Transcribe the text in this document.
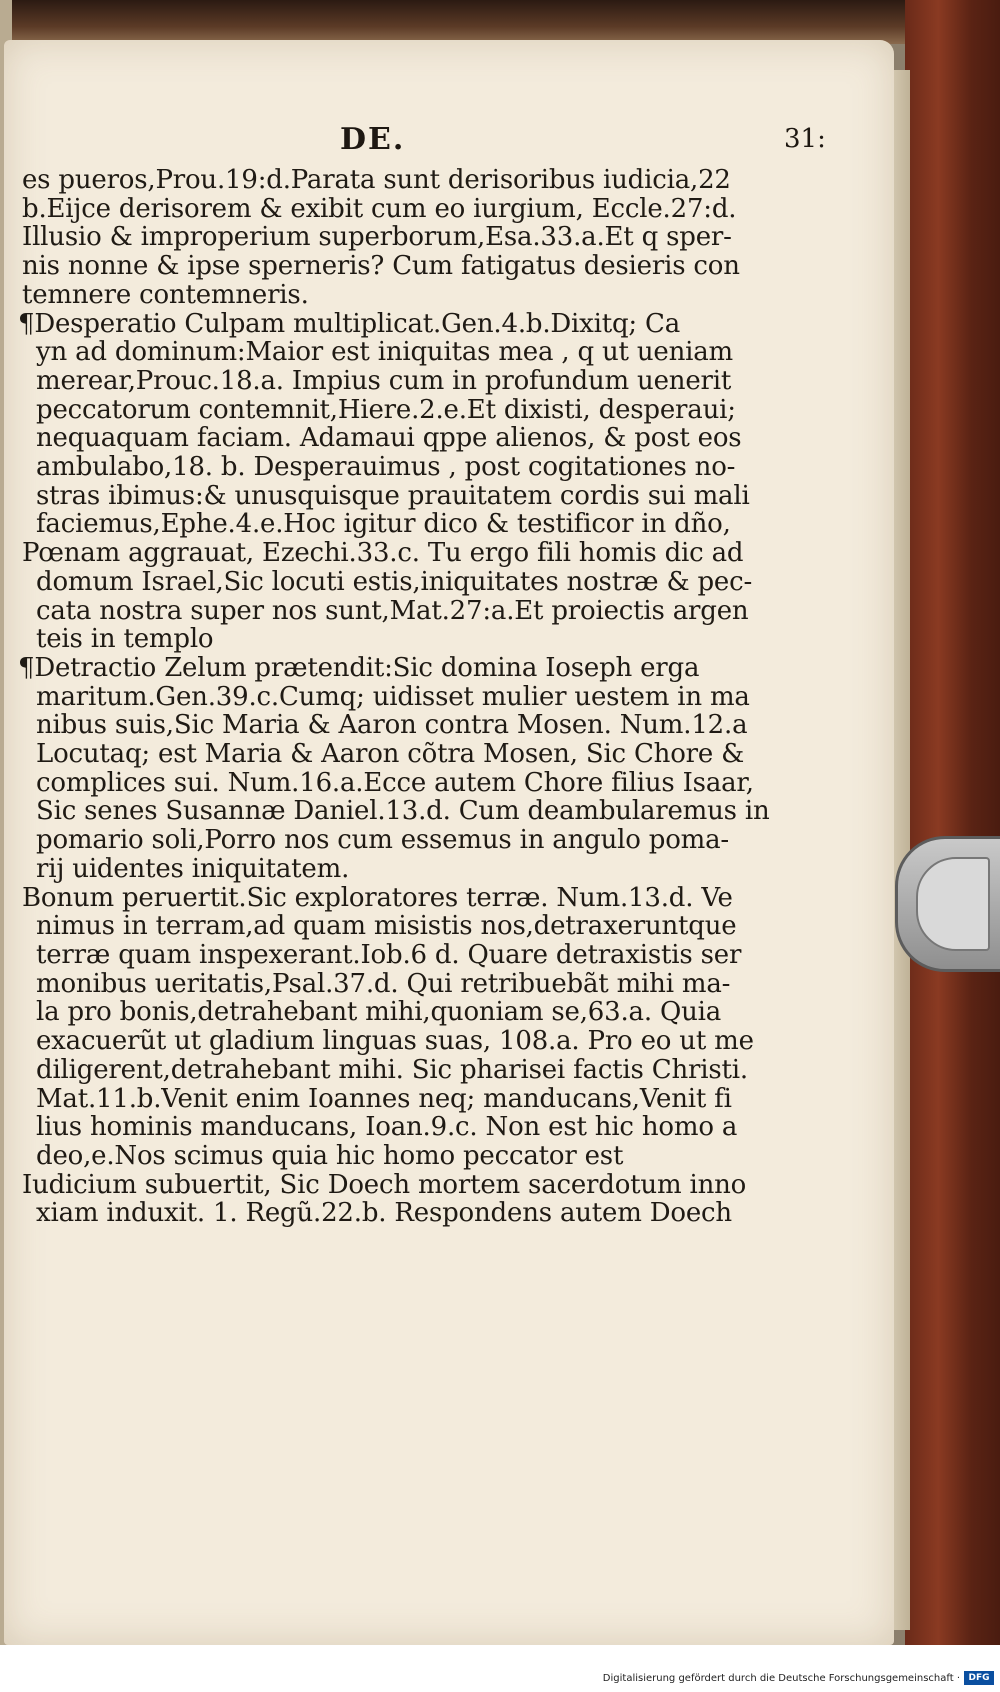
DE.	31:
es pueros,Prou.19:d.Parata sunt derisoribus iudicia,22
b.Eijce derisorem & exibit cum eo iurgium, Eccle.27:d.
Illusio & improperium superborum,Esa.33.a.Et q sper-
nis nonne & ipse sperneris? Cum fatigatus desieris con
temnere contemneris.
¶Desperatio Culpam multiplicat.Gen.4.b.Dixitq; Ca
yn ad dominum:Maior est iniquitas mea , q ut ueniam
merear,Prouc.18.a. Impius cum in profundum uenerit
peccatorum contemnit,Hiere.2.e.Et dixisti, desperaui;
nequaquam faciam. Adamaui qppe alienos, & post eos
ambulabo,18. b. Desperauimus , post cogitationes no-
stras ibimus:& unusquisque prauitatem cordis sui mali
faciemus,Ephe.4.e.Hoc igitur dico & testificor in dño,
Pœnam aggrauat, Ezechi.33.c. Tu ergo fili homis dic ad
domum Israel,Sic locuti estis,iniquitates nostræ & pec-
cata nostra super nos sunt,Mat.27:a.Et proiectis argen
teis in templo
¶Detractio Zelum prætendit:Sic domina Ioseph erga
maritum.Gen.39.c.Cumq; uidisset mulier uestem in ma
nibus suis,Sic Maria & Aaron contra Mosen. Num.12.a
Locutaq; est Maria & Aaron cõtra Mosen, Sic Chore &
complices sui. Num.16.a.Ecce autem Chore filius Isaar,
Sic senes Susannæ Daniel.13.d. Cum deambularemus in
pomario soli,Porro nos cum essemus in angulo poma-
rij uidentes iniquitatem.
Bonum peruertit.Sic exploratores terræ. Num.13.d. Ve
nimus in terram,ad quam misistis nos,detraxeruntque
terræ quam inspexerant.Iob.6 d. Quare detraxistis ser
monibus ueritatis,Psal.37.d. Qui retribuebãt mihi ma-
la pro bonis,detrahebant mihi,quoniam se,63.a. Quia
exacuerũt ut gladium linguas suas, 108.a. Pro eo ut me
diligerent,detrahebant mihi. Sic pharisei factis Christi.
Mat.11.b.Venit enim Ioannes neq; manducans,Venit fi
lius hominis manducans, Ioan.9.c. Non est hic homo a
deo,e.Nos scimus quia hic homo peccator est
Iudicium subuertit, Sic Doech mortem sacerdotum inno
xiam induxit. 1. Regũ.22.b. Respondens autem Doech
Digitalisierung gefördert durch die Deutsche Forschungsgemeinschaft · DFG
